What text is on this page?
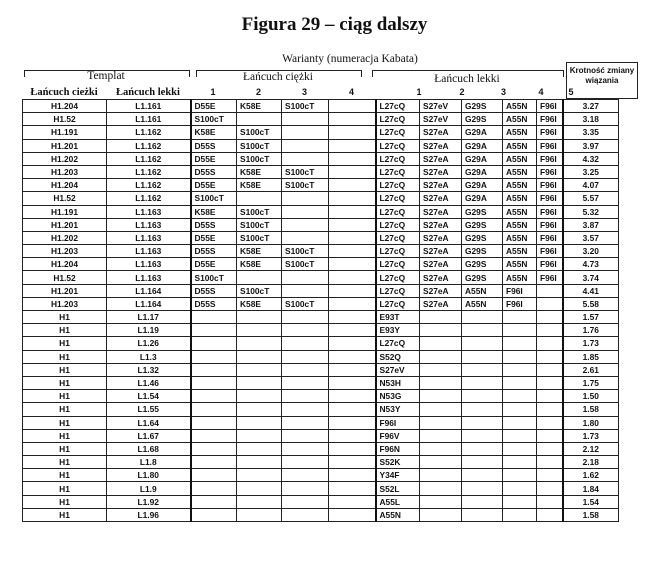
Figura 29 – ciąg dalszy
Warianty (numeracja Kabata)
Templat	Łańcuch ciężki	Łańcuch lekki
Krotność zmiany wiązania
Łańcuch cieżki	Łańcuch lekki	1	2	3	4	1	2	3	4	5
H1.204	L1.161	D55E	K58E	S100cT		L27cQ	S27eV	G29S	A55N	F96I	3.27
H1.52	L1.161	S100cT				L27cQ	S27eV	G29S	A55N	F96I	3.18
H1.191	L1.162	K58E	S100cT			L27cQ	S27eA	G29A	A55N	F96I	3.35
H1.201	L1.162	D55S	S100cT			L27cQ	S27eA	G29A	A55N	F96I	3.97
H1.202	L1.162	D55E	S100cT			L27cQ	S27eA	G29A	A55N	F96I	4.32
H1.203	L1.162	D55S	K58E	S100cT		L27cQ	S27eA	G29A	A55N	F96I	3.25
H1.204	L1.162	D55E	K58E	S100cT		L27cQ	S27eA	G29A	A55N	F96I	4.07
H1.52	L1.162	S100cT				L27cQ	S27eA	G29A	A55N	F96I	5.57
H1.191	L1.163	K58E	S100cT			L27cQ	S27eA	G29S	A55N	F96I	5.32
H1.201	L1.163	D55S	S100cT			L27cQ	S27eA	G29S	A55N	F96I	3.87
H1.202	L1.163	D55E	S100cT			L27cQ	S27eA	G29S	A55N	F96I	3.57
H1.203	L1.163	D55S	K58E	S100cT		L27cQ	S27eA	G29S	A55N	F96I	3.20
H1.204	L1.163	D55E	K58E	S100cT		L27cQ	S27eA	G29S	A55N	F96I	4.73
H1.52	L1.163	S100cT				L27cQ	S27eA	G29S	A55N	F96I	3.74
H1.201	L1.164	D55S	S100cT			L27cQ	S27eA	A55N	F96I		4.41
H1.203	L1.164	D55S	K58E	S100cT		L27cQ	S27eA	A55N	F96I		5.58
H1	L1.17					E93T					1.57
H1	L1.19					E93Y					1.76
H1	L1.26					L27cQ					1.73
H1	L1.3					S52Q					1.85
H1	L1.32					S27eV					2.61
H1	L1.46					N53H					1.75
H1	L1.54					N53G					1.50
H1	L1.55					N53Y					1.58
H1	L1.64					F96I					1.80
H1	L1.67					F96V					1.73
H1	L1.68					F96N					2.12
H1	L1.8					S52K					2.18
H1	L1.80					Y34F					1.62
H1	L1.9					S52L					1.84
H1	L1.92					A55L					1.54
H1	L1.96					A55N					1.58
